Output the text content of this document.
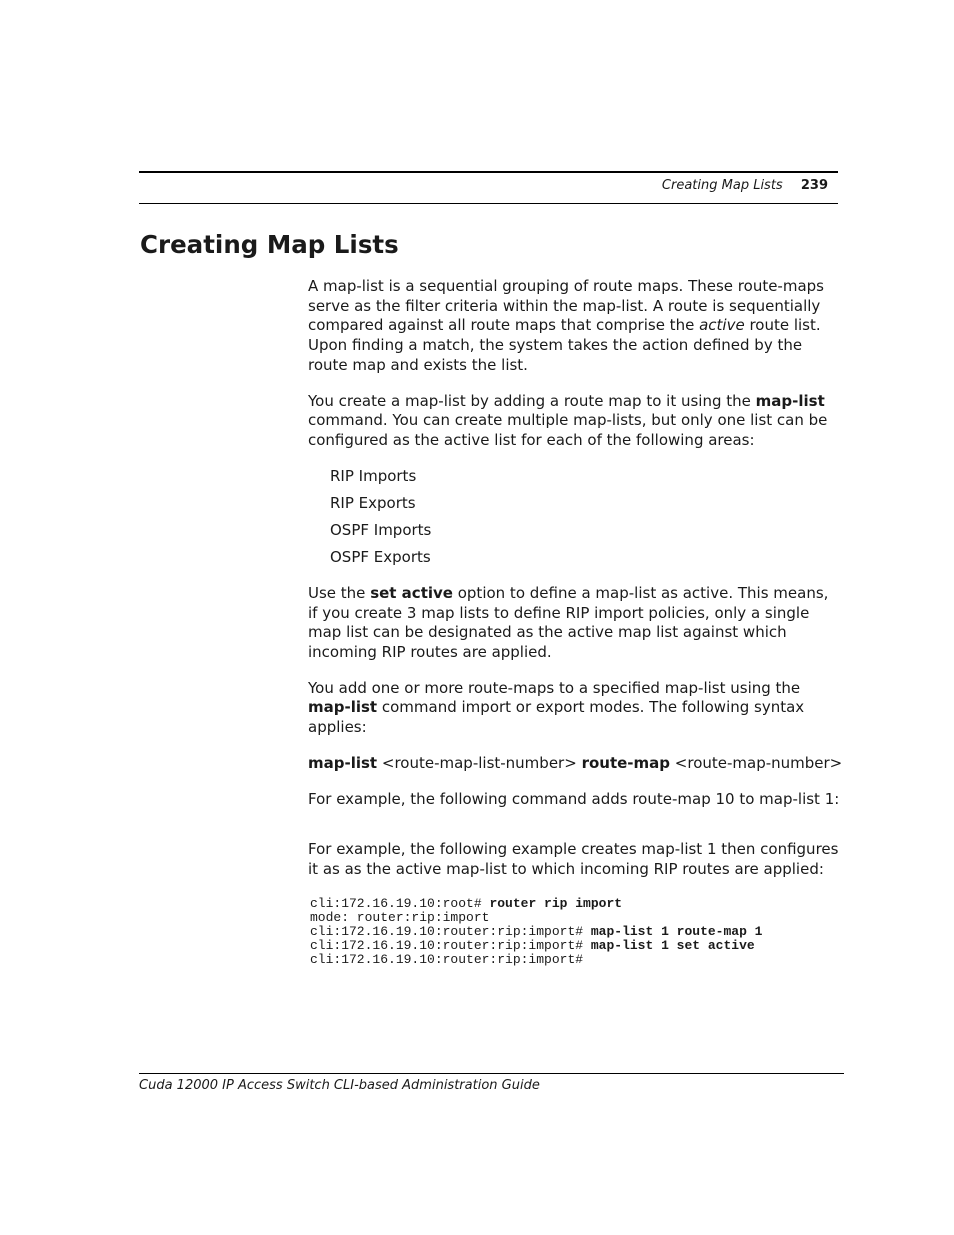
Creating Map Lists 239
Creating Map Lists

A map-list is a sequential grouping of route maps. These route-maps serve as the filter criteria within the map-list. A route is sequentially compared against all route maps that comprise the active route list. Upon finding a match, the system takes the action defined by the route map and exists the list.

You create a map-list by adding a route map to it using the map-list command. You can create multiple map-lists, but only one list can be configured as the active list for each of the following areas:

RIP Imports
RIP Exports
OSPF Imports
OSPF Exports

Use the set active option to define a map-list as active. This means, if you create 3 map lists to define RIP import policies, only a single map list can be designated as the active map list against which incoming RIP routes are applied.

You add one or more route-maps to a specified map-list using the map-list command import or export modes. The following syntax applies:

map-list <route-map-list-number> route-map <route-map-number>

For example, the following command adds route-map 10 to map-list 1:

For example, the following example creates map-list 1 then configures it as as the active map-list to which incoming RIP routes are applied:

cli:172.16.19.10:root# router rip import
mode: router:rip:import
cli:172.16.19.10:router:rip:import# map-list 1 route-map 1
cli:172.16.19.10:router:rip:import# map-list 1 set active
cli:172.16.19.10:router:rip:import#
Cuda 12000 IP Access Switch CLI-based Administration Guide
